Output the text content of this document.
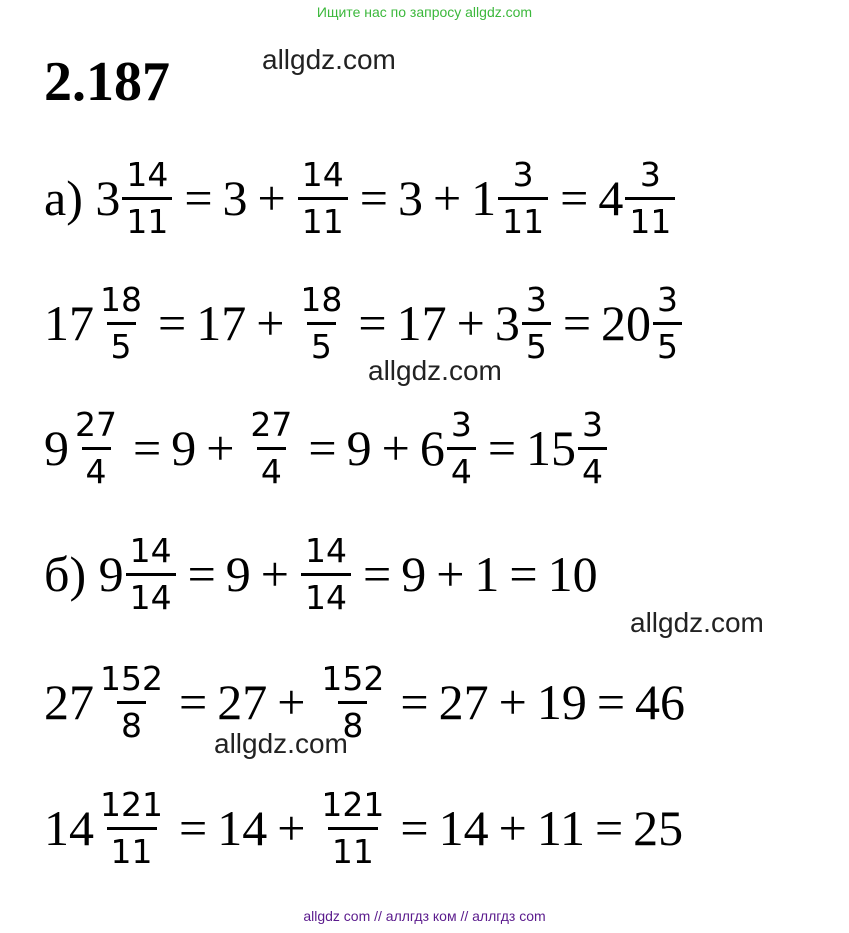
Ищите нас по запросу allgdz.com
2.187	allgdz.com
allgdz.com
allgdz.com
allgdz.com
а) $3 \frac{14}{11} = 3 + \frac{14}{11} = 3 + 1 \frac{3}{11} = 4 \frac{3}{11}$
$17 \frac{18}{5} = 17 + \frac{18}{5} = 17 + 3 \frac{3}{5} = 20 \frac{3}{5}$
$9 \frac{27}{4} = 9 + \frac{27}{4} = 9 + 6 \frac{3}{4} = 15 \frac{3}{4}$
б) $9 \frac{14}{14} = 9 + \frac{14}{14} = 9 + 1 = 10$
$27 \frac{152}{8} = 27 + \frac{152}{8} = 27 + 19 = 46$
$14 \frac{121}{11} = 14 + \frac{121}{11} = 14 + 11 = 25$
allgdz com // аллгдз ком // аллгдз com
